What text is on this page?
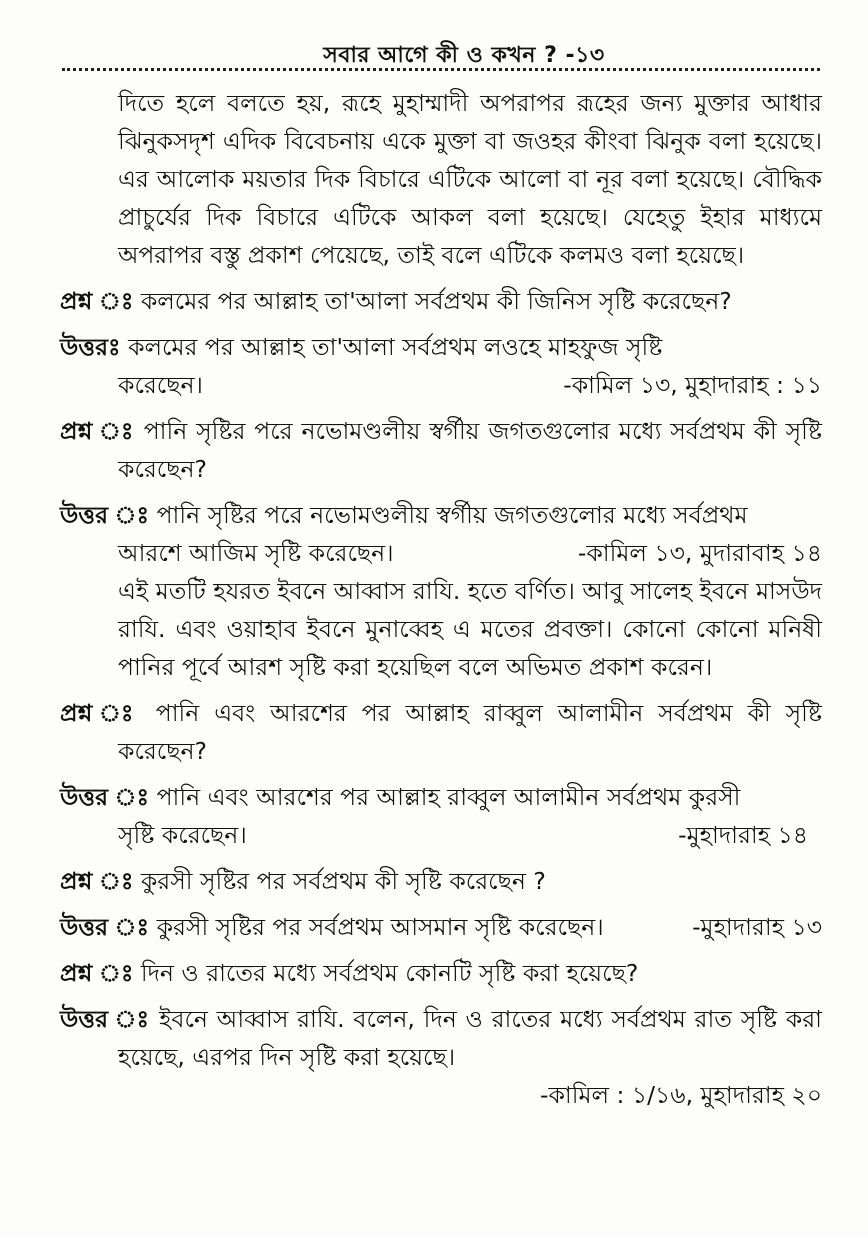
সবার আগে কী ও কখন ? -১৩

দিতে হলে বলতে হয়, রূহে মুহাম্মাদী অপরাপর রূহের জন্য মুক্তার আধার ঝিনুকসদৃশ এদিক বিবেচনায় একে মুক্তা বা জওহর কীংবা ঝিনুক বলা হয়েছে। এর আলোক ময়তার দিক বিচারে এটিকে আলো বা নূর বলা হয়েছে। বৌদ্ধিক প্রাচুর্যের দিক বিচারে এটিকে আকল বলা হয়েছে। যেহেতু ইহার মাধ্যমে অপরাপর বস্তু প্রকাশ পেয়েছে, তাই বলে এটিকে কলমও বলা হয়েছে।

প্রশ্ন ঃ কলমের পর আল্লাহ তা'আলা সর্বপ্রথম কী জিনিস সৃষ্টি করেছেন?

উত্তরঃ কলমের পর আল্লাহ তা'আলা সর্বপ্রথম লওহে মাহফুজ সৃষ্টি
করেছেন।	-কামিল ১৩, মুহাদারাহ : ১১

প্রশ্ন ঃ পানি সৃষ্টির পরে নভোমণ্ডলীয় স্বর্গীয় জগতগুলোর মধ্যে সর্বপ্রথম কী সৃষ্টি করেছেন?

উত্তর ঃ পানি সৃষ্টির পরে নভোমণ্ডলীয় স্বর্গীয় জগতগুলোর মধ্যে সর্বপ্রথম
আরশে আজিম সৃষ্টি করেছেন।	-কামিল ১৩, মুদারাবাহ ১৪

এই মতটি হযরত ইবনে আব্বাস রাযি. হতে বর্ণিত। আবু সালেহ ইবনে মাসউদ রাযি. এবং ওয়াহাব ইবনে মুনাব্বেহ এ মতের প্রবক্তা। কোনো কোনো মনিষী পানির পূর্বে আরশ সৃষ্টি করা হয়েছিল বলে অভিমত প্রকাশ করেন।

প্রশ্ন ঃ পানি এবং আরশের পর আল্লাহ রাব্বুল আলামীন সর্বপ্রথম কী সৃষ্টি করেছেন?

উত্তর ঃ পানি এবং আরশের পর আল্লাহ রাব্বুল আলামীন সর্বপ্রথম কুরসী
সৃষ্টি করেছেন।	-মুহাদারাহ ১৪

প্রশ্ন ঃ কুরসী সৃষ্টির পর সর্বপ্রথম কী সৃষ্টি করেছেন ?

উত্তর ঃ কুরসী সৃষ্টির পর সর্বপ্রথম আসমান সৃষ্টি করেছেন।	-মুহাদারাহ ১৩

প্রশ্ন ঃ দিন ও রাতের মধ্যে সর্বপ্রথম কোনটি সৃষ্টি করা হয়েছে?

উত্তর ঃ ইবনে আব্বাস রাযি. বলেন, দিন ও রাতের মধ্যে সর্বপ্রথম রাত সৃষ্টি করা হয়েছে, এরপর দিন সৃষ্টি করা হয়েছে।

-কামিল : ১/১৬, মুহাদারাহ ২০
